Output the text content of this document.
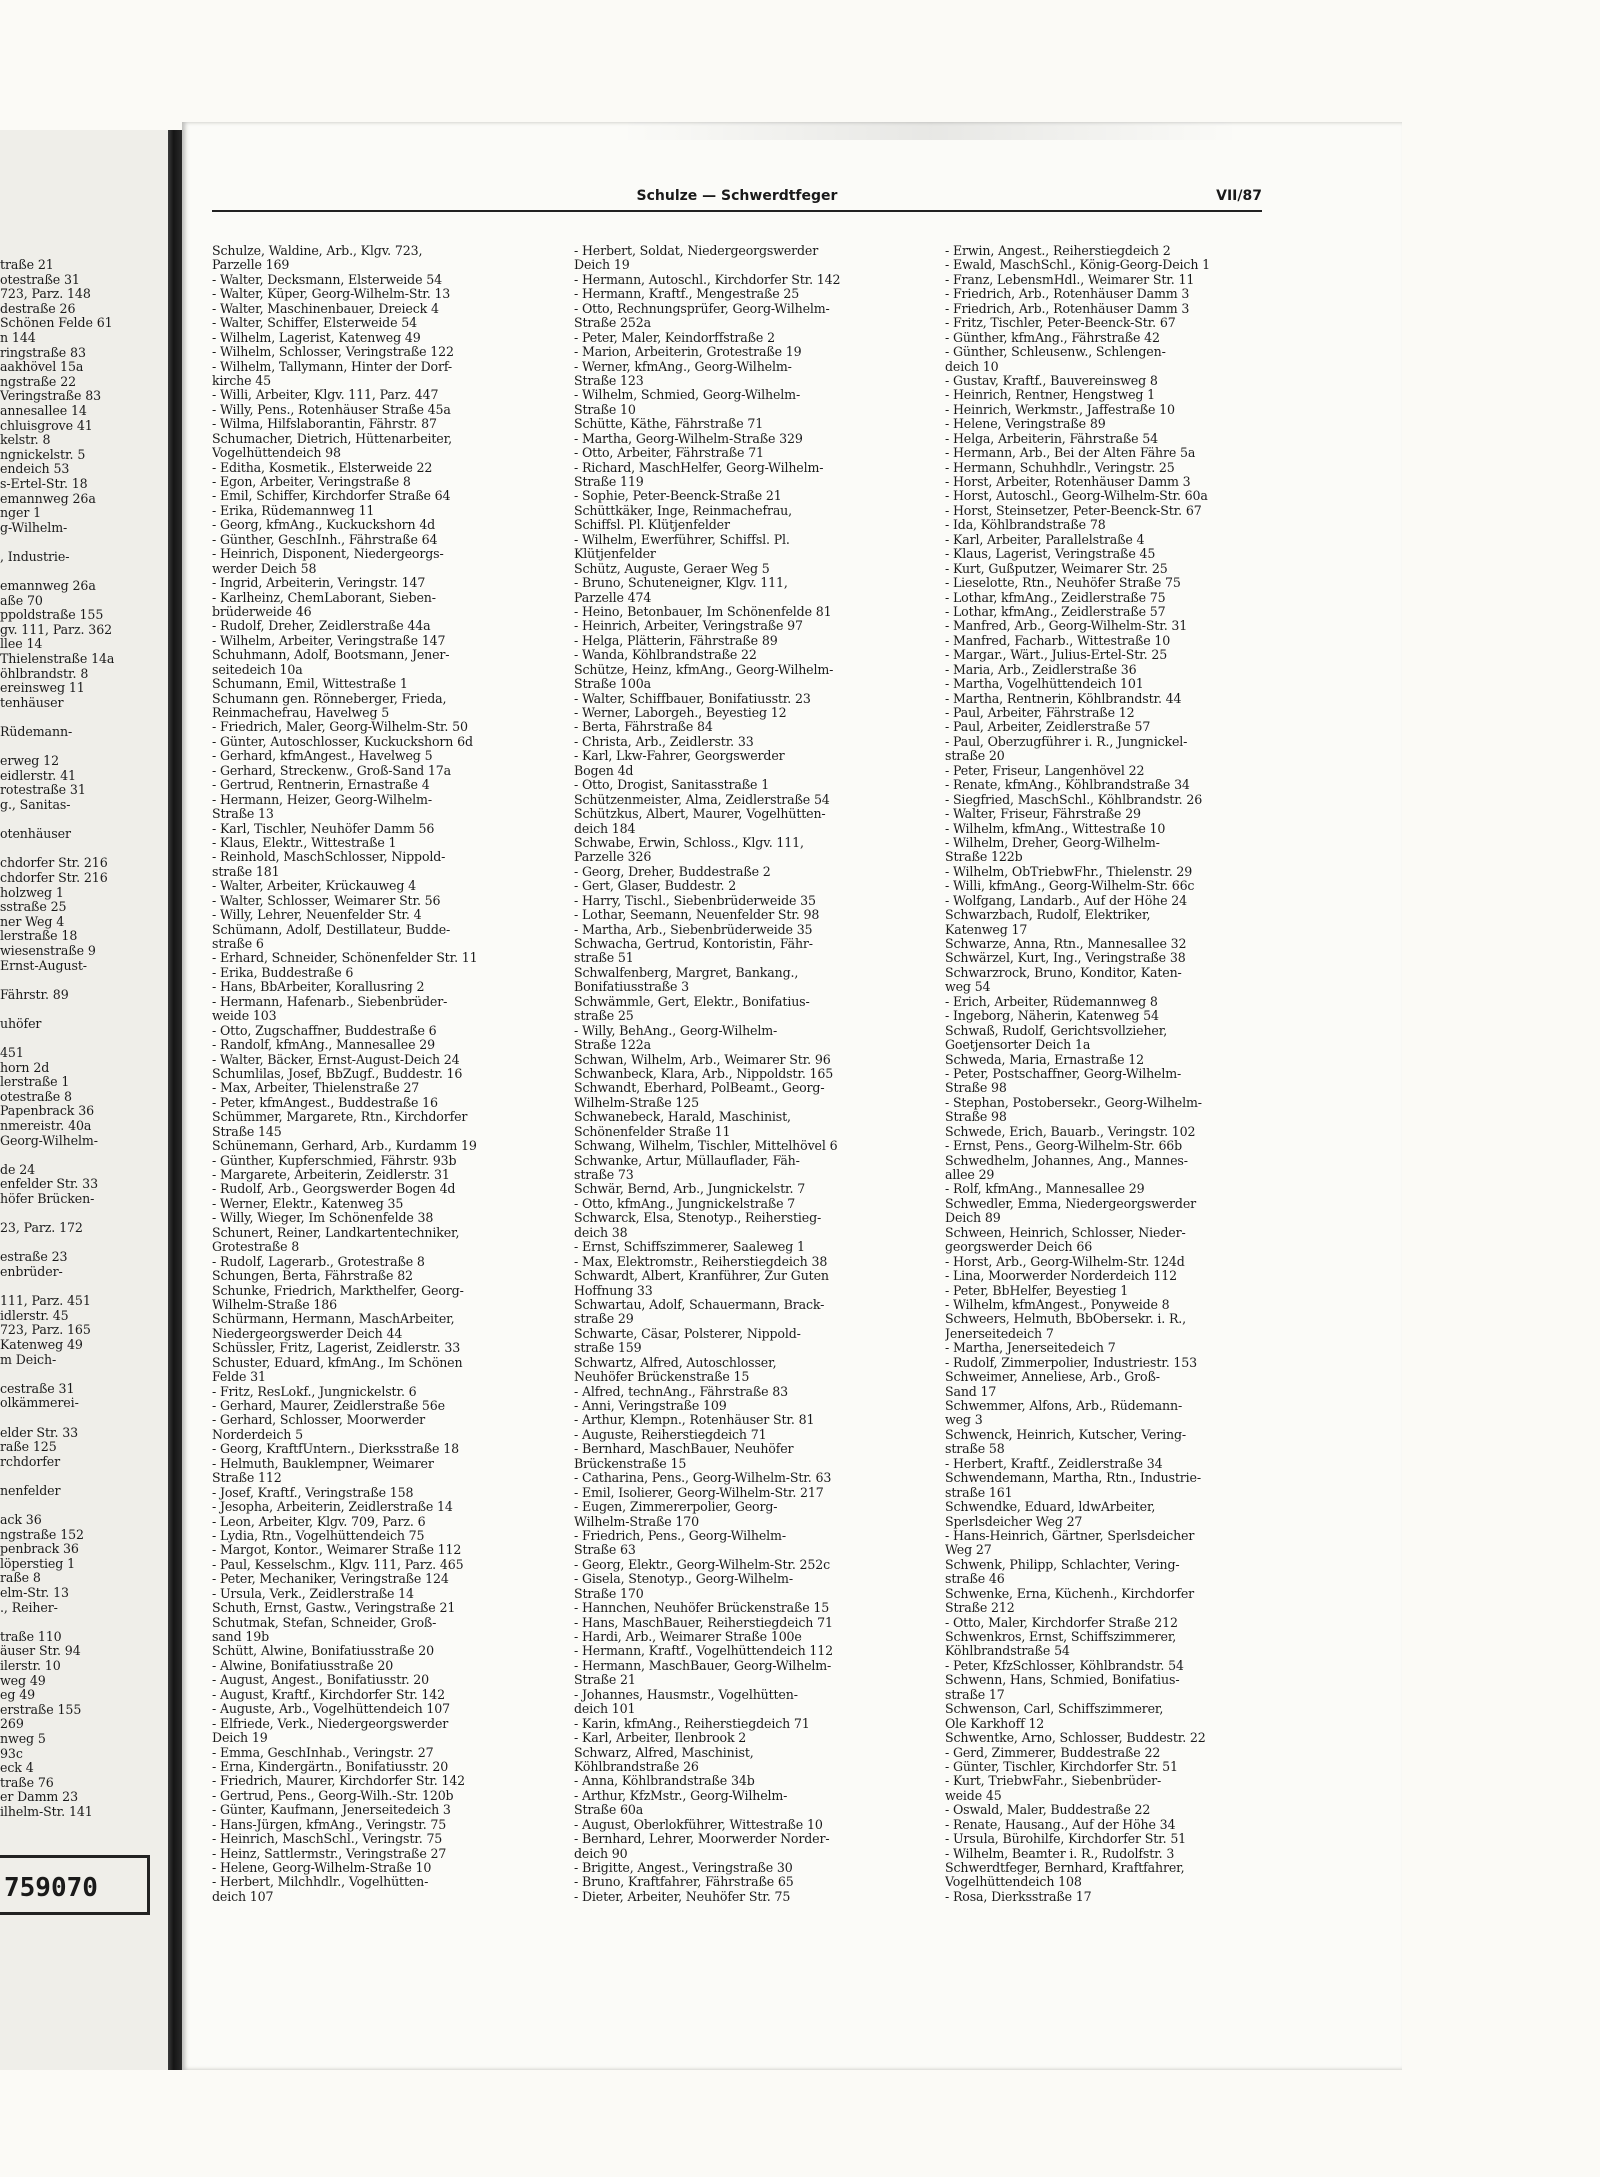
traße 21
otestraße 31
723, Parz. 148
destraße 26
Schönen Felde 61
n 144
ringstraße 83
aakhövel 15a
ngstraße 22
Veringstraße 83
annesallee 14
chluisgrove 41
kelstr. 8
ngnickelstr. 5
endeich 53
s-Ertel-Str. 18
emannweg 26a
nger 1
g-Wilhelm-
, Industrie-
emannweg 26a
aße 70
ppoldstraße 155
gv. 111, Parz. 362
llee 14
Thielenstraße 14a
öhlbrandstr. 8
ereinsweg 11
tenhäuser
Rüdemann-
erweg 12
eidlerstr. 41
rotestraße 31
g., Sanitas-
otenhäuser
chdorfer Str. 216
chdorfer Str. 216
holzweg 1
sstraße 25
ner Weg 4
lerstraße 18
wiesenstraße 9
Ernst-August-
Fährstr. 89
uhöfer
451
horn 2d
lerstraße 1
otestraße 8
Papenbrack 36
nmereistr. 40a
Georg-Wilhelm-
de 24
enfelder Str. 33
höfer Brücken-
23, Parz. 172
estraße 23
enbrüder-
111, Parz. 451
idlerstr. 45
723, Parz. 165
Katenweg 49
m Deich-
cestraße 31
olkämmerei-
elder Str. 33
raße 125
rchdorfer
nenfelder
ack 36
ngstraße 152
penbrack 36
löperstieg 1
raße 8
elm-Str. 13
., Reiher-
traße 110
äuser Str. 94
ilerstr. 10
weg 49
eg 49
erstraße 155
269
nweg 5
93c
eck 4
traße 76
er Damm 23
ilhelm-Str. 141
759070
Schulze — Schwerdtfeger	VII/87
Schulze, Waldine, Arb., Klgv. 723,
Parzelle 169
- Walter, Decksmann, Elsterweide 54
- Walter, Küper, Georg-Wilhelm-Str. 13
- Walter, Maschinenbauer, Dreieck 4
- Walter, Schiffer, Elsterweide 54
- Wilhelm, Lagerist, Katenweg 49
- Wilhelm, Schlosser, Veringstraße 122
- Wilhelm, Tallymann, Hinter der Dorf-
kirche 45
- Willi, Arbeiter, Klgv. 111, Parz. 447
- Willy, Pens., Rotenhäuser Straße 45a
- Wilma, Hilfslaborantin, Fährstr. 87
Schumacher, Dietrich, Hüttenarbeiter,
Vogelhüttendeich 98
- Editha, Kosmetik., Elsterweide 22
- Egon, Arbeiter, Veringstraße 8
- Emil, Schiffer, Kirchdorfer Straße 64
- Erika, Rüdemannweg 11
- Georg, kfmAng., Kuckuckshorn 4d
- Günther, GeschInh., Fährstraße 64
- Heinrich, Disponent, Niedergeorgs-
werder Deich 58
- Ingrid, Arbeiterin, Veringstr. 147
- Karlheinz, ChemLaborant, Sieben-
brüderweide 46
- Rudolf, Dreher, Zeidlerstraße 44a
- Wilhelm, Arbeiter, Veringstraße 147
Schuhmann, Adolf, Bootsmann, Jener-
seitedeich 10a
Schumann, Emil, Wittestraße 1
Schumann gen. Rönneberger, Frieda,
Reinmachefrau, Havelweg 5
- Friedrich, Maler, Georg-Wilhelm-Str. 50
- Günter, Autoschlosser, Kuckuckshorn 6d
- Gerhard, kfmAngest., Havelweg 5
- Gerhard, Streckenw., Groß-Sand 17a
- Gertrud, Rentnerin, Ernastraße 4
- Hermann, Heizer, Georg-Wilhelm-
Straße 13
- Karl, Tischler, Neuhöfer Damm 56
- Klaus, Elektr., Wittestraße 1
- Reinhold, MaschSchlosser, Nippold-
straße 181
- Walter, Arbeiter, Krückauweg 4
- Walter, Schlosser, Weimarer Str. 56
- Willy, Lehrer, Neuenfelder Str. 4
Schümann, Adolf, Destillateur, Budde-
straße 6
- Erhard, Schneider, Schönenfelder Str. 11
- Erika, Buddestraße 6
- Hans, BbArbeiter, Korallusring 2
- Hermann, Hafenarb., Siebenbrüder-
weide 103
- Otto, Zugschaffner, Buddestraße 6
- Randolf, kfmAng., Mannesallee 29
- Walter, Bäcker, Ernst-August-Deich 24
Schumlilas, Josef, BbZugf., Buddestr. 16
- Max, Arbeiter, Thielenstraße 27
- Peter, kfmAngest., Buddestraße 16
Schümmer, Margarete, Rtn., Kirchdorfer
Straße 145
Schünemann, Gerhard, Arb., Kurdamm 19
- Günther, Kupferschmied, Fährstr. 93b
- Margarete, Arbeiterin, Zeidlerstr. 31
- Rudolf, Arb., Georgswerder Bogen 4d
- Werner, Elektr., Katenweg 35
- Willy, Wieger, Im Schönenfelde 38
Schunert, Reiner, Landkartentechniker,
Grotestraße 8
- Rudolf, Lagerarb., Grotestraße 8
Schungen, Berta, Fährstraße 82
Schunke, Friedrich, Markthelfer, Georg-
Wilhelm-Straße 186
Schürmann, Hermann, MaschArbeiter,
Niedergeorgswerder Deich 44
Schüssler, Fritz, Lagerist, Zeidlerstr. 33
Schuster, Eduard, kfmAng., Im Schönen
Felde 31
- Fritz, ResLokf., Jungnickelstr. 6
- Gerhard, Maurer, Zeidlerstraße 56e
- Gerhard, Schlosser, Moorwerder
Norderdeich 5
- Georg, KraftfUntern., Dierksstraße 18
- Helmuth, Bauklempner, Weimarer
Straße 112
- Josef, Kraftf., Veringstraße 158
- Jesopha, Arbeiterin, Zeidlerstraße 14
- Leon, Arbeiter, Klgv. 709, Parz. 6
- Lydia, Rtn., Vogelhüttendeich 75
- Margot, Kontor., Weimarer Straße 112
- Paul, Kesselschm., Klgv. 111, Parz. 465
- Peter, Mechaniker, Veringstraße 124
- Ursula, Verk., Zeidlerstraße 14
Schuth, Ernst, Gastw., Veringstraße 21
Schutmak, Stefan, Schneider, Groß-
sand 19b
Schütt, Alwine, Bonifatiusstraße 20
- Alwine, Bonifatiusstraße 20
- August, Angest., Bonifatiusstr. 20
- August, Kraftf., Kirchdorfer Str. 142
- Auguste, Arb., Vogelhüttendeich 107
- Elfriede, Verk., Niedergeorgswerder
Deich 19
- Emma, GeschInhab., Veringstr. 27
- Erna, Kindergärtn., Bonifatiusstr. 20
- Friedrich, Maurer, Kirchdorfer Str. 142
- Gertrud, Pens., Georg-Wilh.-Str. 120b
- Günter, Kaufmann, Jenerseitedeich 3
- Hans-Jürgen, kfmAng., Veringstr. 75
- Heinrich, MaschSchl., Veringstr. 75
- Heinz, Sattlermstr., Veringstraße 27
- Helene, Georg-Wilhelm-Straße 10
- Herbert, Milchhdlr., Vogelhütten-
deich 107
- Herbert, Soldat, Niedergeorgswerder
Deich 19
- Hermann, Autoschl., Kirchdorfer Str. 142
- Hermann, Kraftf., Mengestraße 25
- Otto, Rechnungsprüfer, Georg-Wilhelm-
Straße 252a
- Peter, Maler, Keindorffstraße 2
- Marion, Arbeiterin, Grotestraße 19
- Werner, kfmAng., Georg-Wilhelm-
Straße 123
- Wilhelm, Schmied, Georg-Wilhelm-
Straße 10
Schütte, Käthe, Fährstraße 71
- Martha, Georg-Wilhelm-Straße 329
- Otto, Arbeiter, Fährstraße 71
- Richard, MaschHelfer, Georg-Wilhelm-
Straße 119
- Sophie, Peter-Beenck-Straße 21
Schüttkäker, Inge, Reinmachefrau,
Schiffsl. Pl. Klütjenfelder
- Wilhelm, Ewerführer, Schiffsl. Pl.
Klütjenfelder
Schütz, Auguste, Geraer Weg 5
- Bruno, Schuteneigner, Klgv. 111,
Parzelle 474
- Heino, Betonbauer, Im Schönenfelde 81
- Heinrich, Arbeiter, Veringstraße 97
- Helga, Plätterin, Fährstraße 89
- Wanda, Köhlbrandstraße 22
Schütze, Heinz, kfmAng., Georg-Wilhelm-
Straße 100a
- Walter, Schiffbauer, Bonifatiusstr. 23
- Werner, Laborgeh., Beyestieg 12
- Berta, Fährstraße 84
- Christa, Arb., Zeidlerstr. 33
- Karl, Lkw-Fahrer, Georgswerder
Bogen 4d
- Otto, Drogist, Sanitasstraße 1
Schützenmeister, Alma, Zeidlerstraße 54
Schützkus, Albert, Maurer, Vogelhütten-
deich 184
Schwabe, Erwin, Schloss., Klgv. 111,
Parzelle 326
- Georg, Dreher, Buddestraße 2
- Gert, Glaser, Buddestr. 2
- Harry, Tischl., Siebenbrüderweide 35
- Lothar, Seemann, Neuenfelder Str. 98
- Martha, Arb., Siebenbrüderweide 35
Schwacha, Gertrud, Kontoristin, Fähr-
straße 51
Schwalfenberg, Margret, Bankang.,
Bonifatiusstraße 3
Schwämmle, Gert, Elektr., Bonifatius-
straße 25
- Willy, BehAng., Georg-Wilhelm-
Straße 122a
Schwan, Wilhelm, Arb., Weimarer Str. 96
Schwanbeck, Klara, Arb., Nippoldstr. 165
Schwandt, Eberhard, PolBeamt., Georg-
Wilhelm-Straße 125
Schwanebeck, Harald, Maschinist,
Schönenfelder Straße 11
Schwang, Wilhelm, Tischler, Mittelhövel 6
Schwanke, Artur, Müllauflader, Fäh-
straße 73
Schwär, Bernd, Arb., Jungnickelstr. 7
- Otto, kfmAng., Jungnickelstraße 7
Schwarck, Elsa, Stenotyp., Reiherstieg-
deich 38
- Ernst, Schiffszimmerer, Saaleweg 1
- Max, Elektromstr., Reiherstiegdeich 38
Schwardt, Albert, Kranführer, Zur Guten
Hoffnung 33
Schwartau, Adolf, Schauermann, Brack-
straße 29
Schwarte, Cäsar, Polsterer, Nippold-
straße 159
Schwartz, Alfred, Autoschlosser,
Neuhöfer Brückenstraße 15
- Alfred, technAng., Fährstraße 83
- Anni, Veringstraße 109
- Arthur, Klempn., Rotenhäuser Str. 81
- Auguste, Reiherstiegdeich 71
- Bernhard, MaschBauer, Neuhöfer
Brückenstraße 15
- Catharina, Pens., Georg-Wilhelm-Str. 63
- Emil, Isolierer, Georg-Wilhelm-Str. 217
- Eugen, Zimmererpolier, Georg-
Wilhelm-Straße 170
- Friedrich, Pens., Georg-Wilhelm-
Straße 63
- Georg, Elektr., Georg-Wilhelm-Str. 252c
- Gisela, Stenotyp., Georg-Wilhelm-
Straße 170
- Hannchen, Neuhöfer Brückenstraße 15
- Hans, MaschBauer, Reiherstiegdeich 71
- Hardi, Arb., Weimarer Straße 100e
- Hermann, Kraftf., Vogelhüttendeich 112
- Hermann, MaschBauer, Georg-Wilhelm-
Straße 21
- Johannes, Hausmstr., Vogelhütten-
deich 101
- Karin, kfmAng., Reiherstiegdeich 71
- Karl, Arbeiter, Ilenbrook 2
Schwarz, Alfred, Maschinist,
Köhlbrandstraße 26
- Anna, Köhlbrandstraße 34b
- Arthur, KfzMstr., Georg-Wilhelm-
Straße 60a
- August, Oberlokführer, Wittestraße 10
- Bernhard, Lehrer, Moorwerder Norder-
deich 90
- Brigitte, Angest., Veringstraße 30
- Bruno, Kraftfahrer, Fährstraße 65
- Dieter, Arbeiter, Neuhöfer Str. 75
- Erwin, Angest., Reiherstiegdeich 2
- Ewald, MaschSchl., König-Georg-Deich 1
- Franz, LebensmHdl., Weimarer Str. 11
- Friedrich, Arb., Rotenhäuser Damm 3
- Friedrich, Arb., Rotenhäuser Damm 3
- Fritz, Tischler, Peter-Beenck-Str. 67
- Günther, kfmAng., Fährstraße 42
- Günther, Schleusenw., Schlengen-
deich 10
- Gustav, Kraftf., Bauvereinsweg 8
- Heinrich, Rentner, Hengstweg 1
- Heinrich, Werkmstr., Jaffestraße 10
- Helene, Veringstraße 89
- Helga, Arbeiterin, Fährstraße 54
- Hermann, Arb., Bei der Alten Fähre 5a
- Hermann, Schuhhdlr., Veringstr. 25
- Horst, Arbeiter, Rotenhäuser Damm 3
- Horst, Autoschl., Georg-Wilhelm-Str. 60a
- Horst, Steinsetzer, Peter-Beenck-Str. 67
- Ida, Köhlbrandstraße 78
- Karl, Arbeiter, Parallelstraße 4
- Klaus, Lagerist, Veringstraße 45
- Kurt, Gußputzer, Weimarer Str. 25
- Lieselotte, Rtn., Neuhöfer Straße 75
- Lothar, kfmAng., Zeidlerstraße 75
- Lothar, kfmAng., Zeidlerstraße 57
- Manfred, Arb., Georg-Wilhelm-Str. 31
- Manfred, Facharb., Wittestraße 10
- Margar., Wärt., Julius-Ertel-Str. 25
- Maria, Arb., Zeidlerstraße 36
- Martha, Vogelhüttendeich 101
- Martha, Rentnerin, Köhlbrandstr. 44
- Paul, Arbeiter, Fährstraße 12
- Paul, Arbeiter, Zeidlerstraße 57
- Paul, Oberzugführer i. R., Jungnickel-
straße 20
- Peter, Friseur, Langenhövel 22
- Renate, kfmAng., Köhlbrandstraße 34
- Siegfried, MaschSchl., Köhlbrandstr. 26
- Walter, Friseur, Fährstraße 29
- Wilhelm, kfmAng., Wittestraße 10
- Wilhelm, Dreher, Georg-Wilhelm-
Straße 122b
- Wilhelm, ObTriebwFhr., Thielenstr. 29
- Willi, kfmAng., Georg-Wilhelm-Str. 66c
- Wolfgang, Landarb., Auf der Höhe 24
Schwarzbach, Rudolf, Elektriker,
Katenweg 17
Schwarze, Anna, Rtn., Mannesallee 32
Schwärzel, Kurt, Ing., Veringstraße 38
Schwarzrock, Bruno, Konditor, Katen-
weg 54
- Erich, Arbeiter, Rüdemannweg 8
- Ingeborg, Näherin, Katenweg 54
Schwaß, Rudolf, Gerichtsvollzieher,
Goetjensorter Deich 1a
Schweda, Maria, Ernastraße 12
- Peter, Postschaffner, Georg-Wilhelm-
Straße 98
- Stephan, Postobersekr., Georg-Wilhelm-
Straße 98
Schwede, Erich, Bauarb., Veringstr. 102
- Ernst, Pens., Georg-Wilhelm-Str. 66b
Schwedhelm, Johannes, Ang., Mannes-
allee 29
- Rolf, kfmAng., Mannesallee 29
Schwedler, Emma, Niedergeorgswerder
Deich 89
Schween, Heinrich, Schlosser, Nieder-
georgswerder Deich 66
- Horst, Arb., Georg-Wilhelm-Str. 124d
- Lina, Moorwerder Norderdeich 112
- Peter, BbHelfer, Beyestieg 1
- Wilhelm, kfmAngest., Ponyweide 8
Schweers, Helmuth, BbObersekr. i. R.,
Jenerseitedeich 7
- Martha, Jenerseitedeich 7
- Rudolf, Zimmerpolier, Industriestr. 153
Schweimer, Anneliese, Arb., Groß-
Sand 17
Schwemmer, Alfons, Arb., Rüdemann-
weg 3
Schwenck, Heinrich, Kutscher, Vering-
straße 58
- Herbert, Kraftf., Zeidlerstraße 34
Schwendemann, Martha, Rtn., Industrie-
straße 161
Schwendke, Eduard, ldwArbeiter,
Sperlsdeicher Weg 27
- Hans-Heinrich, Gärtner, Sperlsdeicher
Weg 27
Schwenk, Philipp, Schlachter, Vering-
straße 46
Schwenke, Erna, Küchenh., Kirchdorfer
Straße 212
- Otto, Maler, Kirchdorfer Straße 212
Schwenkros, Ernst, Schiffszimmerer,
Köhlbrandstraße 54
- Peter, KfzSchlosser, Köhlbrandstr. 54
Schwenn, Hans, Schmied, Bonifatius-
straße 17
Schwenson, Carl, Schiffszimmerer,
Ole Karkhoff 12
Schwentke, Arno, Schlosser, Buddestr. 22
- Gerd, Zimmerer, Buddestraße 22
- Günter, Tischler, Kirchdorfer Str. 51
- Kurt, TriebwFahr., Siebenbrüder-
weide 45
- Oswald, Maler, Buddestraße 22
- Renate, Hausang., Auf der Höhe 34
- Ursula, Bürohilfe, Kirchdorfer Str. 51
- Wilhelm, Beamter i. R., Rudolfstr. 3
Schwerdtfeger, Bernhard, Kraftfahrer,
Vogelhüttendeich 108
- Rosa, Dierksstraße 17
